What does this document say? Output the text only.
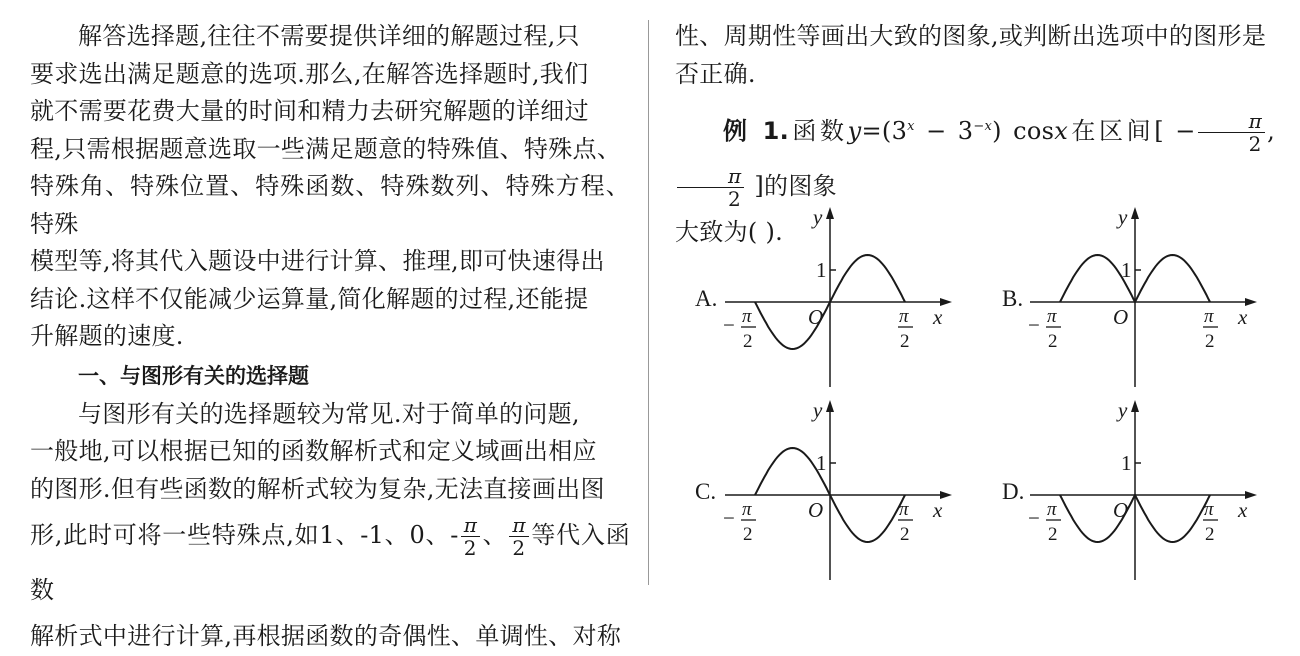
解答选择题,往往不需要提供详细的解题过程,只
要求选出满足题意的选项.那么,在解答选择题时,我们
就不需要花费大量的时间和精力去研究解题的详细过
程,只需根据题意选取一些满足题意的特殊值、特殊点、
特殊角、特殊位置、特殊函数、特殊数列、特殊方程、特殊
模型等,将其代入题设中进行计算、推理,即可快速得出
结论.这样不仅能减少运算量,简化解题的过程,还能提
升解题的速度.
一、与图形有关的选择题
与图形有关的选择题较为常见.对于简单的问题,
一般地,可以根据已知的函数解析式和定义域画出相应
的图形.但有些函数的解析式较为复杂,无法直接画出图
形,此时可将一些特殊点,如1、-1、0、- $\frac{\pi}{2}$ 、 $\frac{\pi}{2}$ 等代入函数
解析式中进行计算,再根据函数的奇偶性、单调性、对称
性、周期性等画出大致的图象,或判断出选项中的图形是
否正确.
例 1.函数$y=(3^x - 3^{-x})$ cosx在区间[ − $\frac{\pi}{2}$ ,
$\frac{\pi}{2}$ ]的图象
大致为( ).
1
y
x
O
A.
− π
2
π
2
1
y
x
O
B.
− π
2
π
2
1
y
x
O
C.
− π
2
π
2
1
y
x
O
D.
− π
2
π
2
